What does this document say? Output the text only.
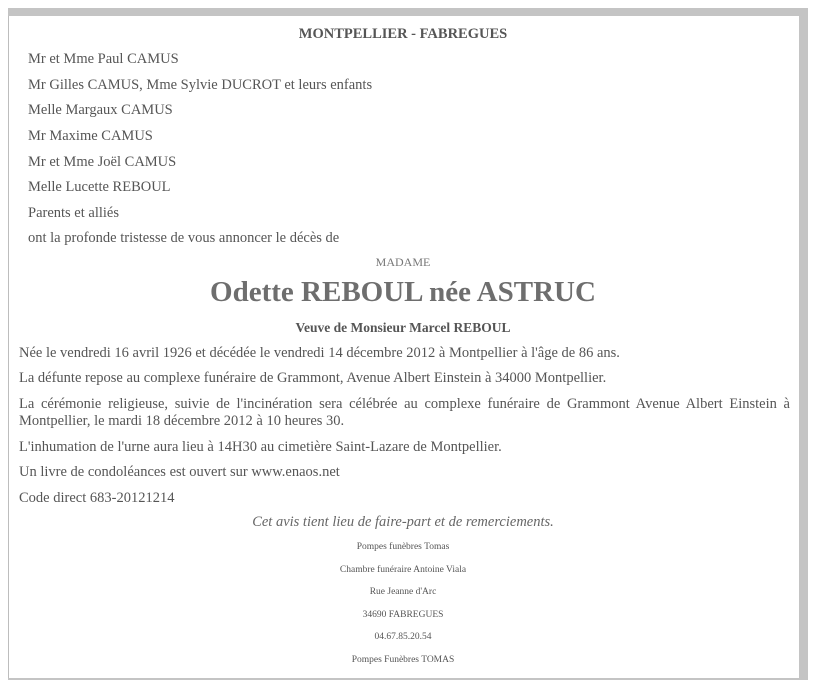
MONTPELLIER - FABREGUES
Mr et Mme Paul CAMUS
Mr Gilles CAMUS, Mme Sylvie DUCROT et leurs enfants
Melle Margaux CAMUS
Mr Maxime CAMUS
Mr et Mme Joël CAMUS
Melle Lucette REBOUL
Parents et alliés
ont la profonde tristesse de vous annoncer le décès de
MADAME
Odette REBOUL née ASTRUC
Veuve de Monsieur Marcel REBOUL
Née le vendredi 16 avril 1926 et décédée le vendredi 14 décembre 2012 à Montpellier à l'âge de 86 ans.
La défunte repose au complexe funéraire de Grammont, Avenue Albert Einstein à 34000 Montpellier.
La cérémonie religieuse, suivie de l'incinération sera célébrée au complexe funéraire de Grammont Avenue Albert Einstein à Montpellier, le mardi 18 décembre 2012 à 10 heures 30.
L'inhumation de l'urne aura lieu à 14H30 au cimetière Saint-Lazare de Montpellier.
Un livre de condoléances est ouvert sur www.enaos.net
Code direct 683-20121214
Cet avis tient lieu de faire-part et de remerciements.
Pompes funèbres Tomas
Chambre funéraire Antoine Viala
Rue Jeanne d'Arc
34690 FABREGUES
04.67.85.20.54
Pompes Funèbres TOMAS
